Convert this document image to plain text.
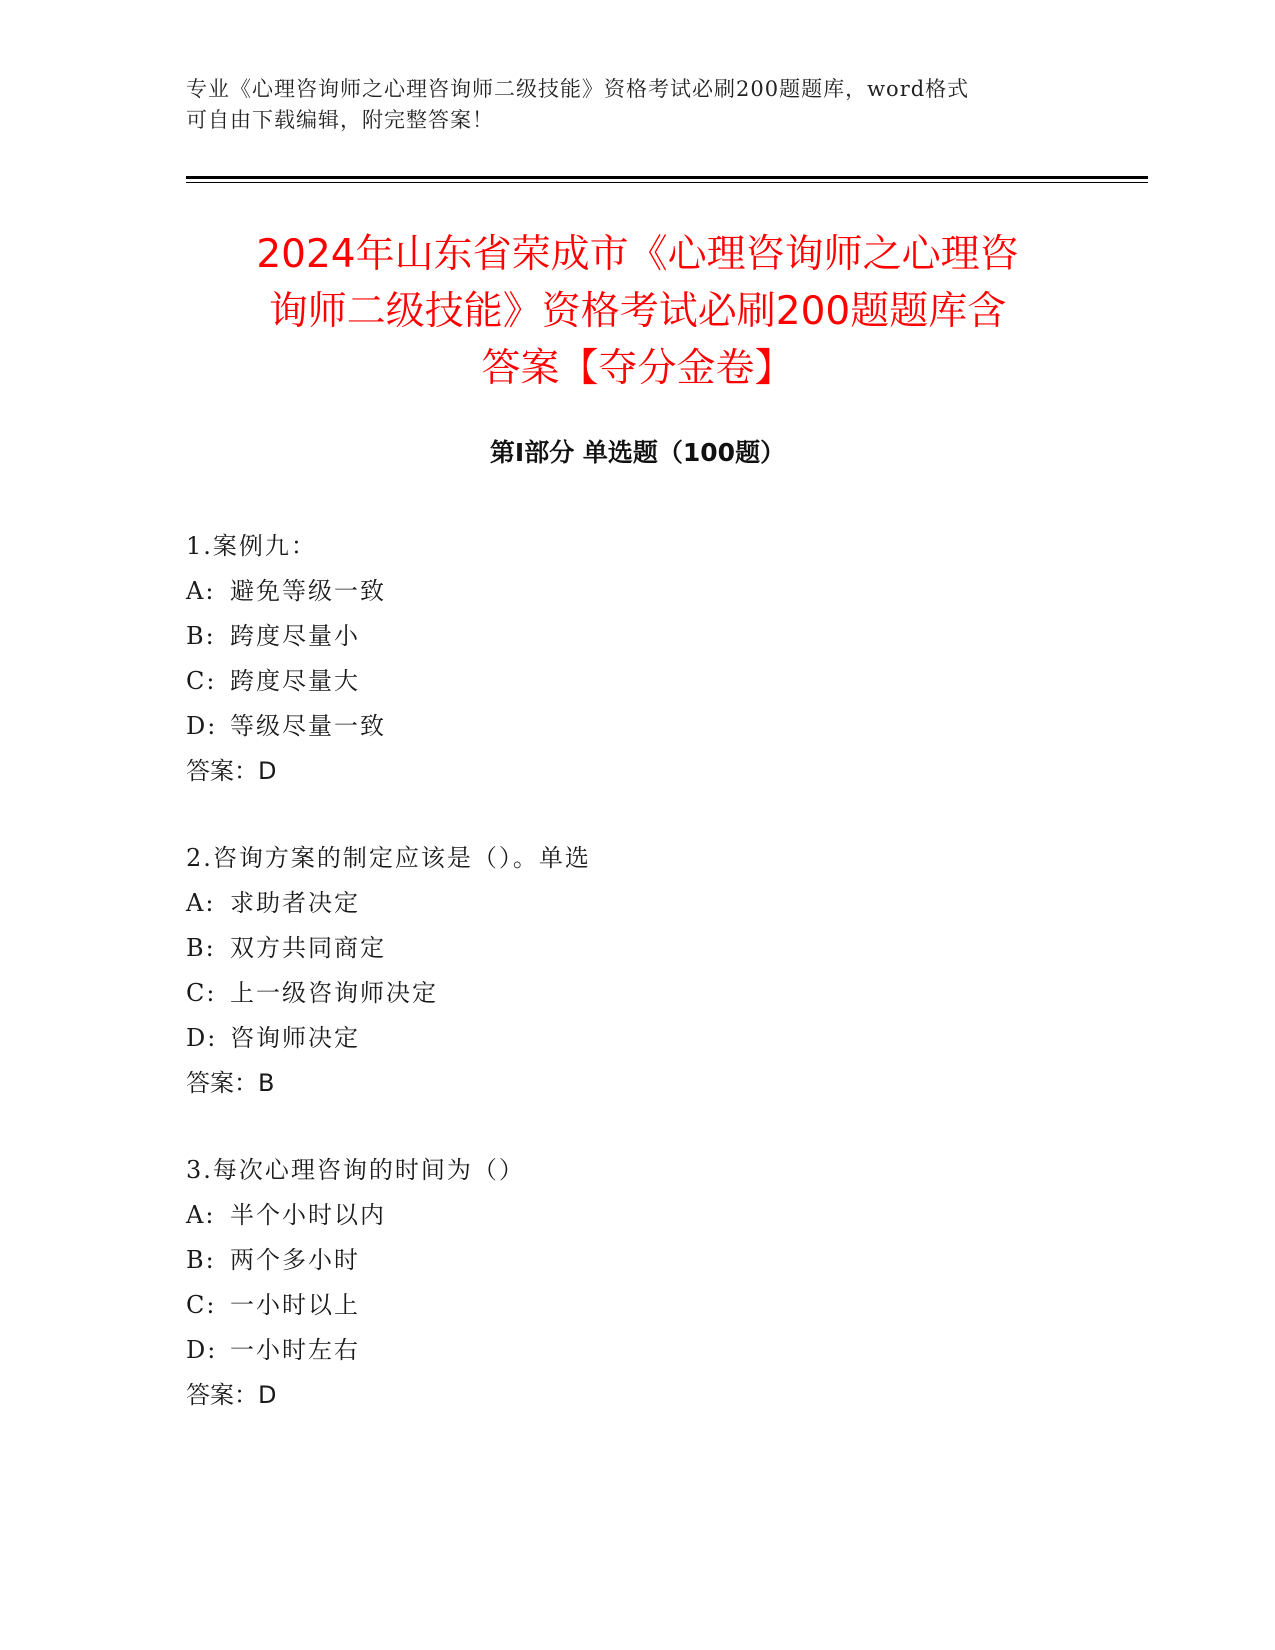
专业《心理咨询师之心理咨询师二级技能》资格考试必刷200题题库，word格式
可自由下载编辑，附完整答案！
2024年山东省荣成市《心理咨询师之心理咨
询师二级技能》资格考试必刷200题题库含
答案【夺分金卷】
第Ⅰ部分 单选题（100题）
1.案例九：
A: 避免等级一致
B: 跨度尽量小
C: 跨度尽量大
D: 等级尽量一致
答案：D
2.咨询方案的制定应该是（）。单选
A: 求助者决定
B: 双方共同商定
C: 上一级咨询师决定
D: 咨询师决定
答案：B
3.每次心理咨询的时间为（）
A: 半个小时以内
B: 两个多小时
C: 一小时以上
D: 一小时左右
答案：D
